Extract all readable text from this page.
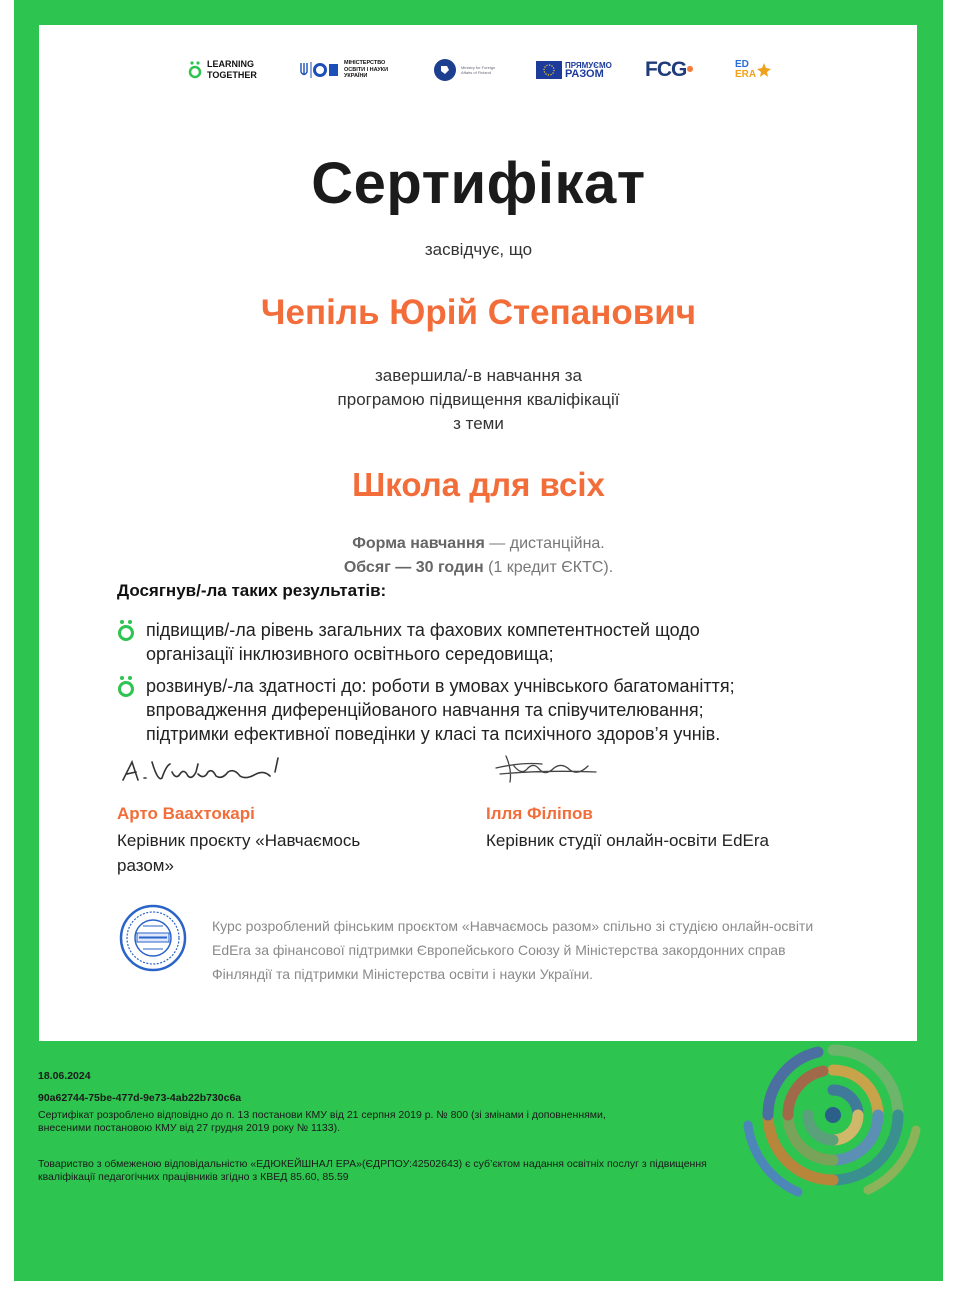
LEARNING
TOGETHER
МІНІСТЕРСТВО
ОСВІТИ І НАУКИ
УКРАЇНИ
Ministry for Foreign
Affairs of Finland
ПРЯМУЄМО
РАЗОМ	FCG •	ED
ERA
Сертифікат
засвідчує, що
Чепіль Юрій Степанович
завершила/-в навчання за
програмою підвищення кваліфікації
з теми
Школа для всіх
Форма навчання — дистанційна.
Обсяг — 30 годин (1 кредит ЄКТС).
Досягнув/-ла таких результатів:
підвищив/-ла рівень загальних та фахових компетентностей щодо
організації інклюзивного освітнього середовища;
розвинув/-ла здатності до: роботи в умовах учнівського багатоманіття;
впровадження диференційованого навчання та співучителювання;
підтримки ефективної поведінки у класі та психічного здоров’я учнів.
Арто Ваахтокарі
Керівник проєкту «Навчаємось
разом»
Ілля Філіпов
Керівник студії онлайн-освіти EdEra
Курс розроблений фінським проєктом «Навчаємось разом» спільно зі студією онлайн-освіти EdEra за фінансової підтримки Європейського Союзу й Міністерства закордонних справ Фінляндії та підтримки Міністерства освіти і науки України.
18.06.2024
90a62744-75be-477d-9e73-4ab22b730c6a
Сертифікат розроблено відповідно до п. 13 постанови КМУ від 21 серпня 2019 р. № 800 (зі змінами і доповненнями, внесеними постановою КМУ від 27 грудня 2019 року № 1133).
Товариство з обмеженою відповідальністю «ЕДЮКЕЙШНАЛ ЕРА»(ЄДРПОУ:42502643) є суб’єктом надання освітніх послуг з підвищення кваліфікації педагогічних працівників згідно з КВЕД 85.60, 85.59
